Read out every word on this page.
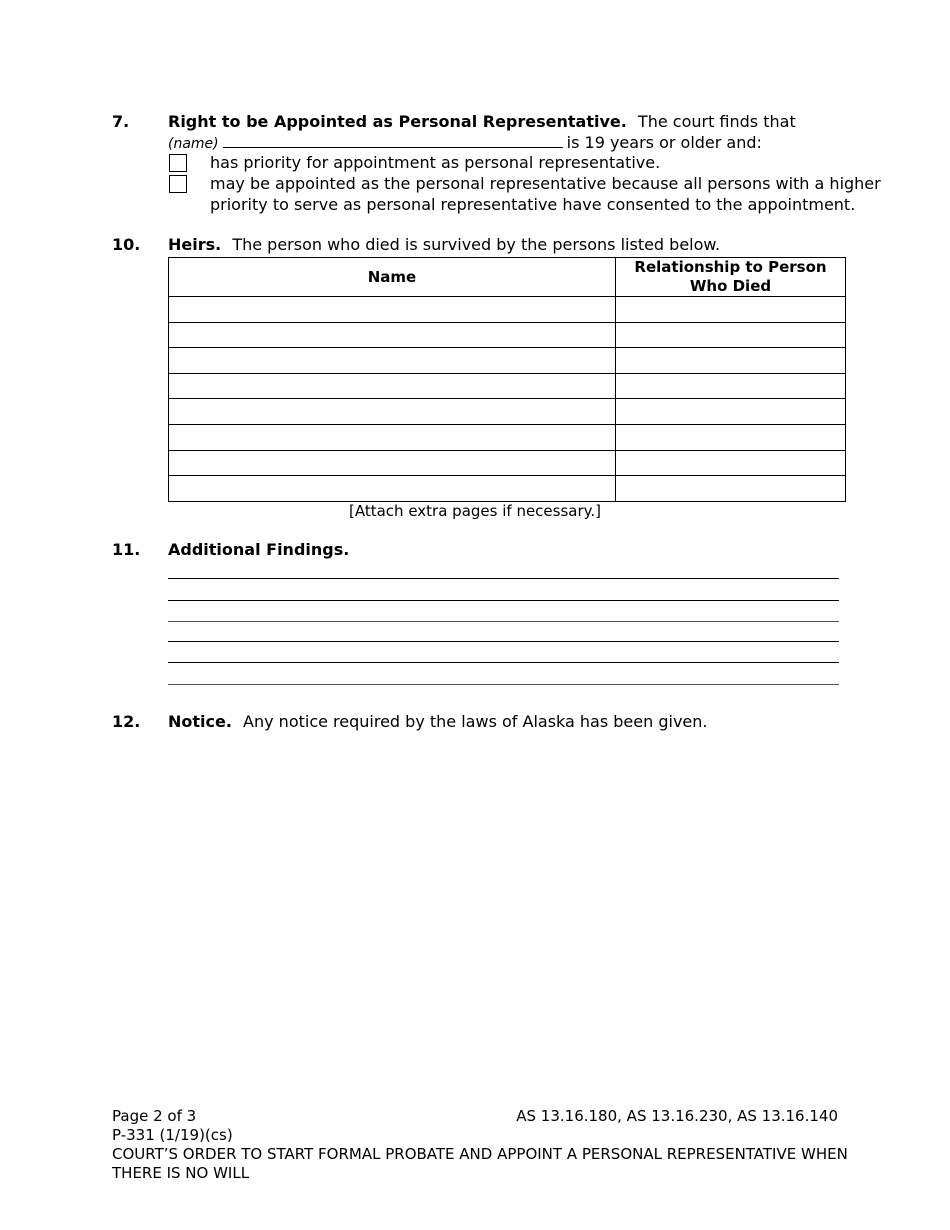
7. Right to be Appointed as Personal Representative. The court finds that
(name)	is 19 years or older and:
has priority for appointment as personal representative.
may be appointed as the personal representative because all persons with a higher
priority to serve as personal representative have consented to the appointment.
10. Heirs. The person who died is survived by the persons listed below.
Name	Relationship to Person
Who Died

[Attach extra pages if necessary.]
11. Additional Findings.
12. Notice. Any notice required by the laws of Alaska has been given.
Page 2 of 3	AS 13.16.180, AS 13.16.230, AS 13.16.140
P-331 (1/19)(cs)
COURT’S ORDER TO START FORMAL PROBATE AND APPOINT A PERSONAL REPRESENTATIVE WHEN
THERE IS NO WILL
